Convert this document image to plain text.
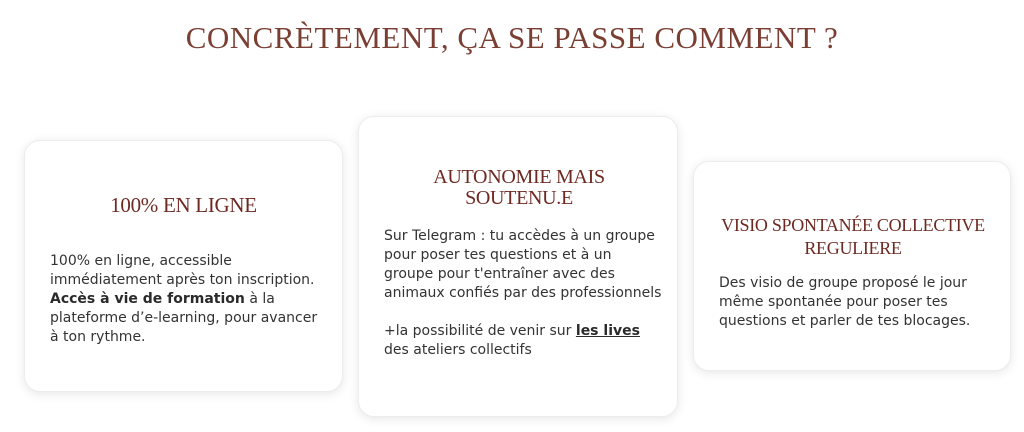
CONCRÈTEMENT, ÇA SE PASSE COMMENT ?
100% EN LIGNE

100% en ligne, accessible immédiatement après ton inscription.
Accès à vie de formation à la plateforme d’e-learning, pour avancer à ton rythme.

AUTONOMIE MAIS SOUTENU.E

Sur Telegram : tu accèdes à un groupe pour poser tes questions et à un groupe pour t'entraîner avec des animaux confiés par des professionnels

+la possibilité de venir sur les lives des ateliers collectifs

VISIO SPONTANÉE COLLECTIVE REGULIERE

Des visio de groupe proposé le jour même spontanée pour poser tes questions et parler de tes blocages.
